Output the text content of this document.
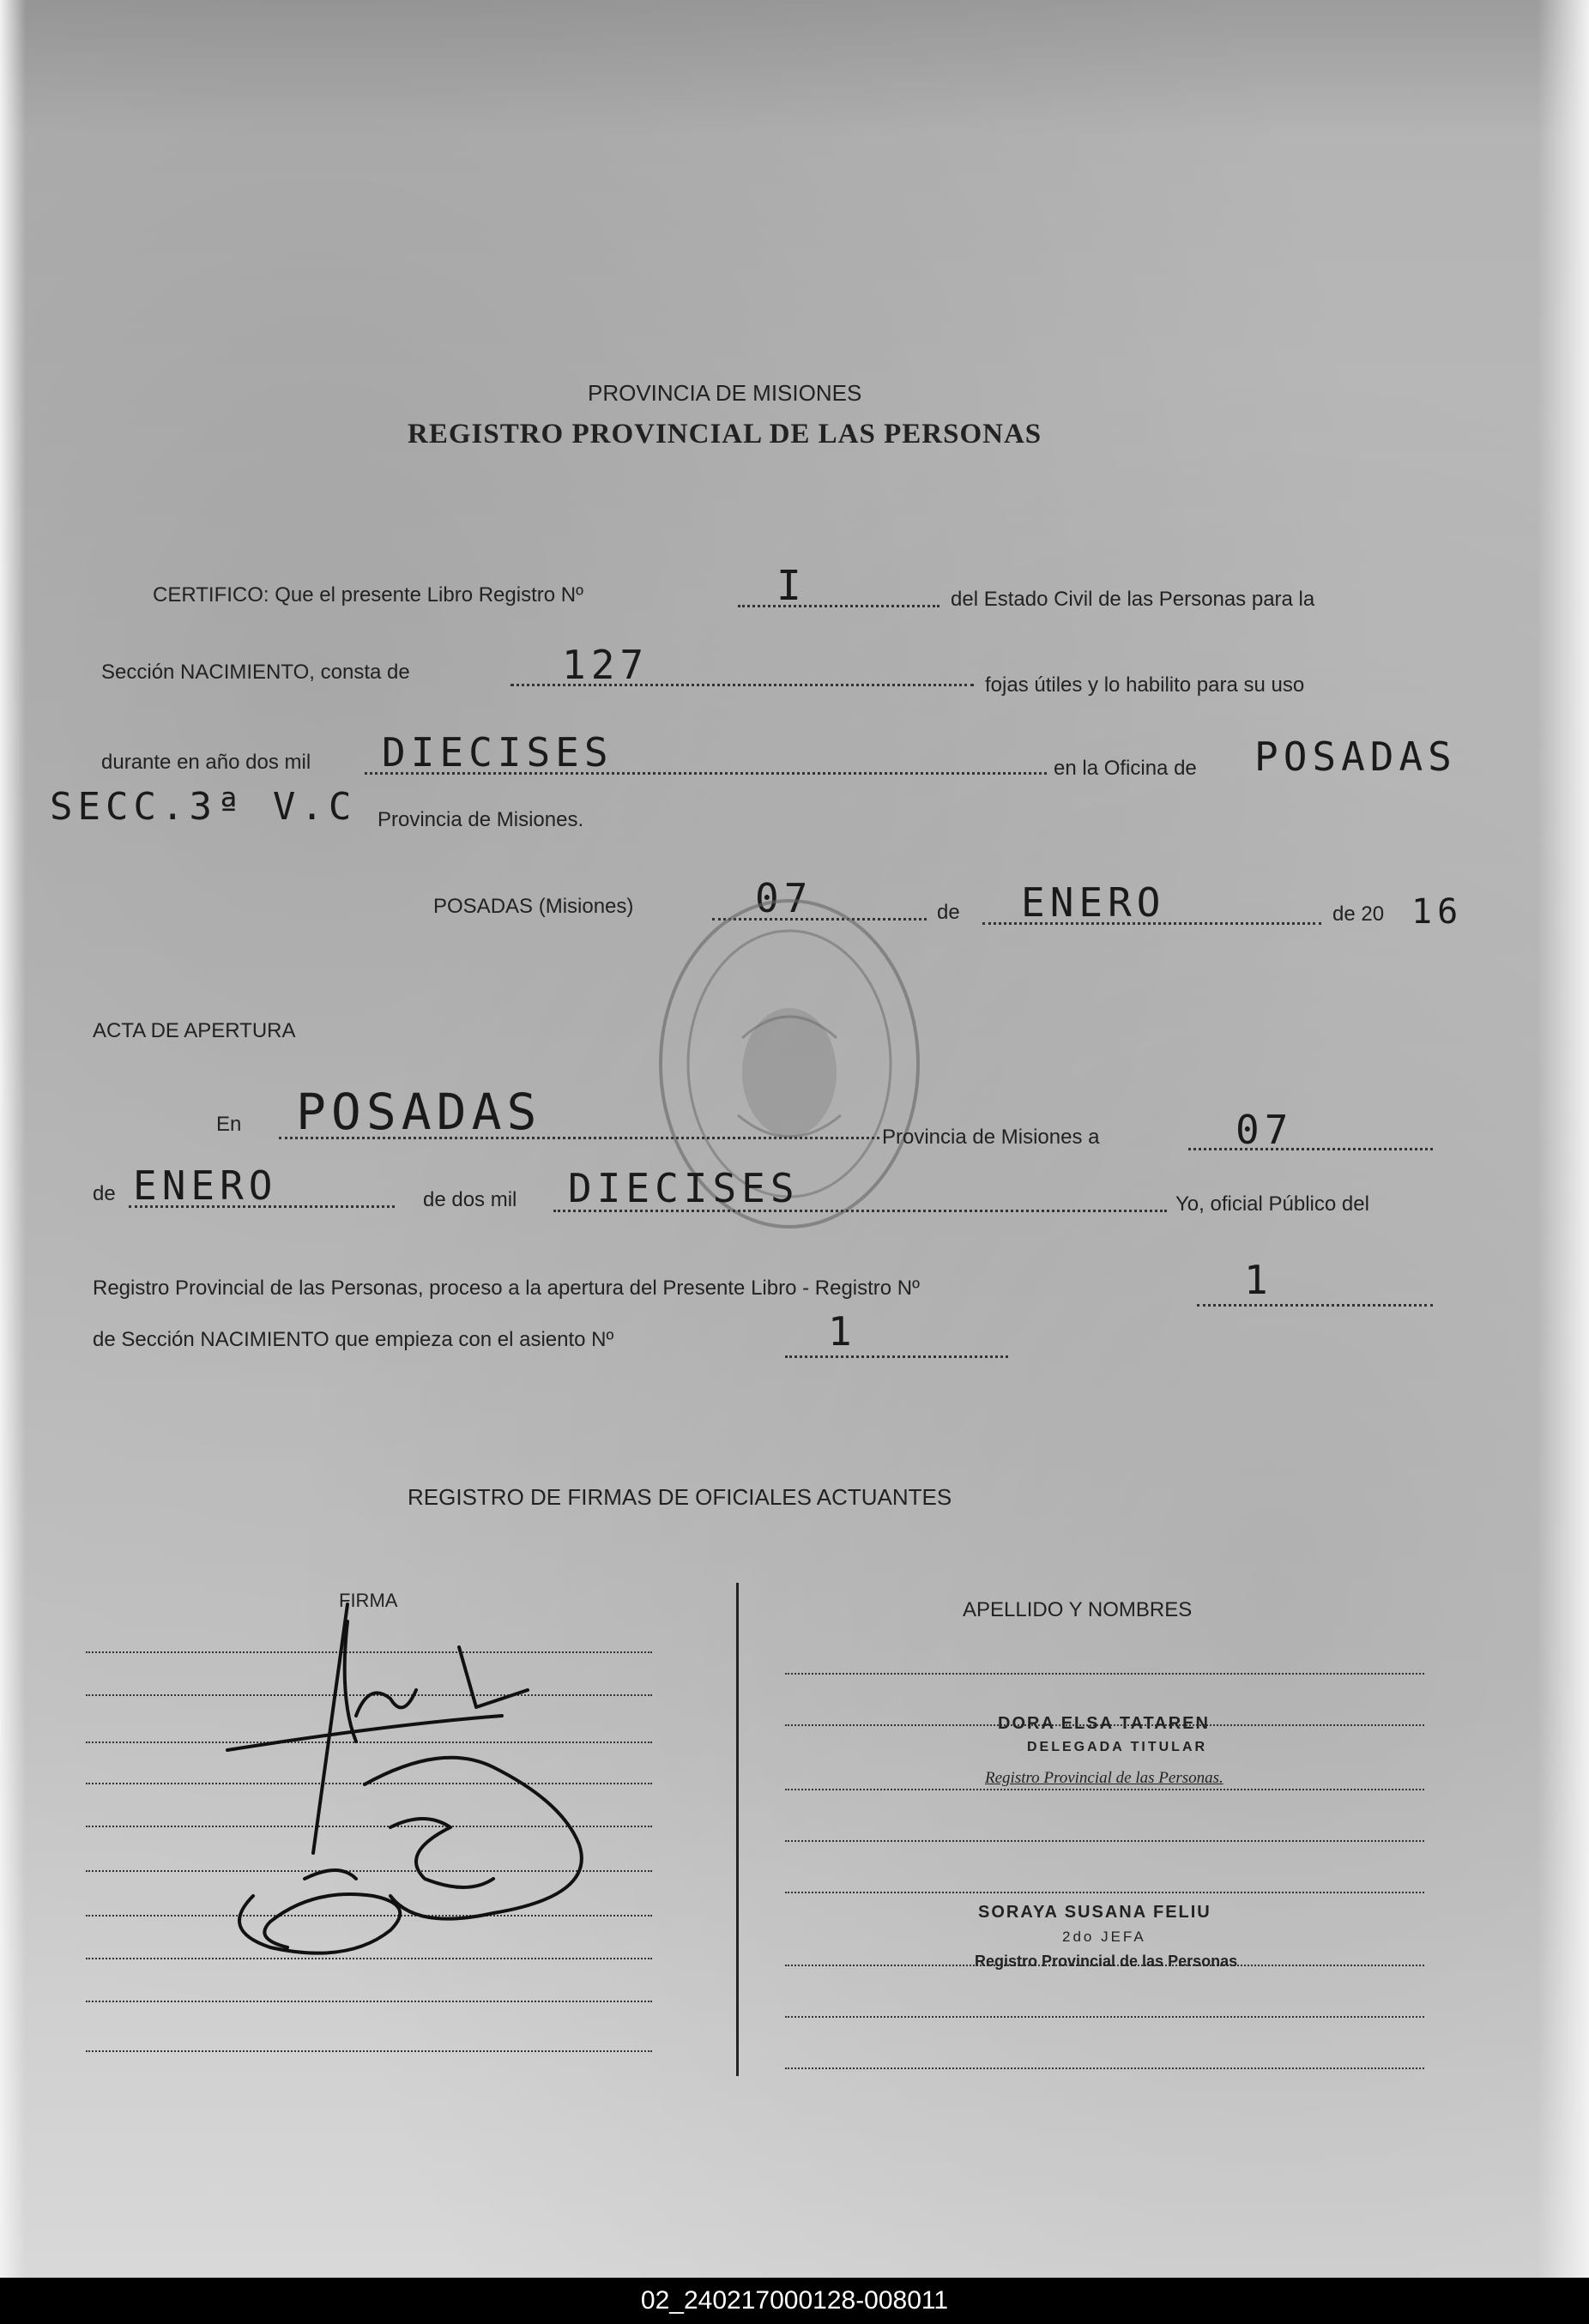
PROVINCIA DE MISIONES
REGISTRO PROVINCIAL DE LAS PERSONAS
CERTIFICO: Que el presente Libro Registro Nº	I	del Estado Civil de las Personas para la
Sección NACIMIENTO, consta de	127	fojas útiles y lo habilito para su uso
durante en año dos mil DIECISES	en la Oficina de POSADAS
SECC.3ª V.C Provincia de Misiones.
POSADAS (Misiones)	07	de ENERO	de 20 16
ACTA DE APERTURA
En POSADAS	Provincia de Misiones a	07
de ENERO	de dos mil DIECISES	Yo, oficial Público del
Registro Provincial de las Personas, proceso a la apertura del Presente Libro - Registro Nº	1
de Sección NACIMIENTO que empieza con el asiento Nº	1
REGISTRO DE FIRMAS DE OFICIALES ACTUANTES
FIRMA	APELLIDO Y NOMBRES
DORA ELSA TATAREN
DELEGADA TITULAR
Registro Provincial de las Personas.
SORAYA SUSANA FELIU
2do JEFA
Registro Provincial de las Personas
02_240217000128-008011
